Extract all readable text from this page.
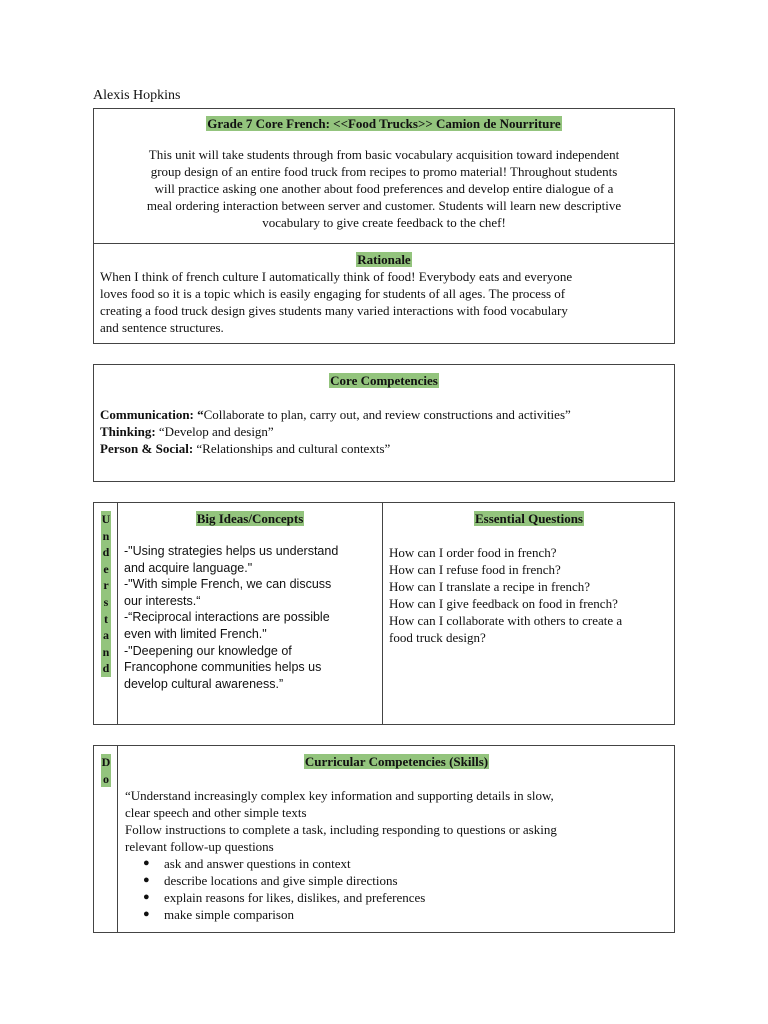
Alexis Hopkins
Grade 7 Core French: <<Food Trucks>> Camion de Nourriture
This unit will take students through from basic vocabulary acquisition toward independent
group design of an entire food truck from recipes to promo material! Throughout students
will practice asking one another about food preferences and develop entire dialogue of a
meal ordering interaction between server and customer. Students will learn new descriptive
vocabulary to give create feedback to the chef!
Rationale
When I think of french culture I automatically think of food! Everybody eats and everyone
loves food so it is a topic which is easily engaging for students of all ages. The process of
creating a food truck design gives students many varied interactions with food vocabulary
and sentence structures.
Core Competencies
Communication: “Collaborate to plan, carry out, and review constructions and activities”
Thinking: “Develop and design”
Person & Social: “Relationships and cultural contexts”
U
n
d
e
r
s
t
a
n
d
Big Ideas/Concepts
-"Using strategies helps us understand
and acquire language."
-"With simple French, we can discuss
our interests.“
-“Reciprocal interactions are possible
even with limited French."
-"Deepening our knowledge of
Francophone communities helps us
develop cultural awareness.”
Essential Questions
How can I order food in french?
How can I refuse food in french?
How can I translate a recipe in french?
How can I give feedback on food in french?
How can I collaborate with others to create a
food truck design?
D
o
Curricular Competencies (Skills)
“Understand increasingly complex key information and supporting details in slow,
clear speech and other simple texts
Follow instructions to complete a task, including responding to questions or asking
relevant follow-up questions
● ask and answer questions in context
● describe locations and give simple directions
● explain reasons for likes, dislikes, and preferences
● make simple comparison
